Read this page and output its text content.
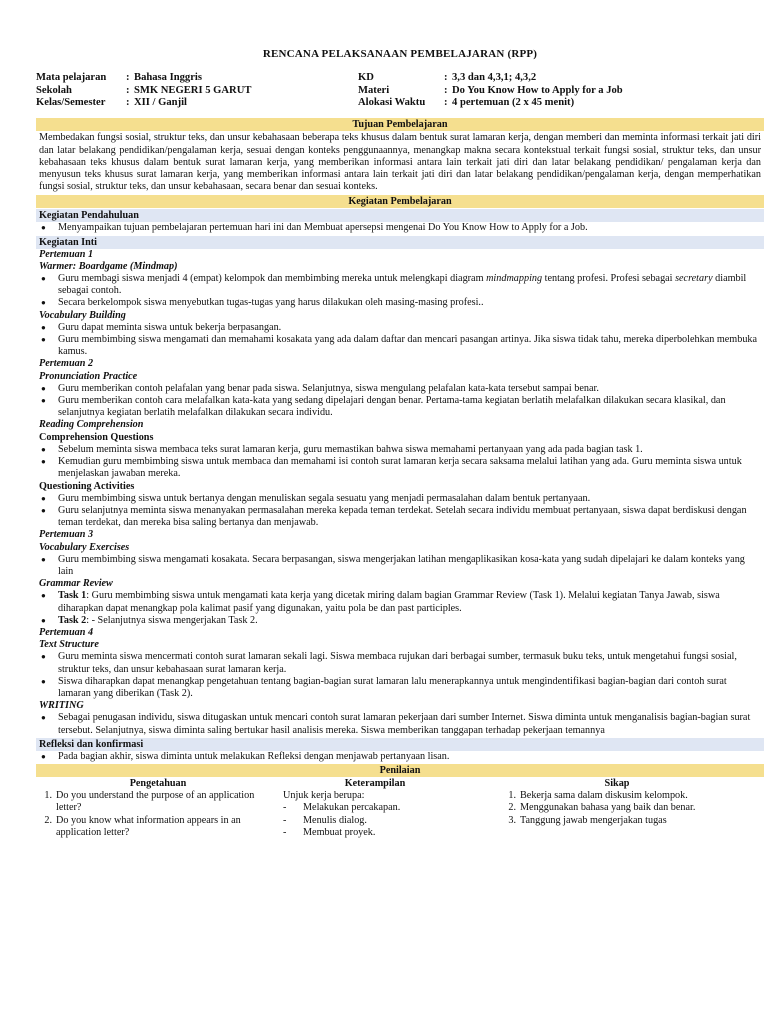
RENCANA PELAKSANAAN PEMBELAJARAN (RPP)
Mata pelajaran	: Bahasa Inggris
Sekolah	: SMK NEGERI 5 GARUT
Kelas/Semester	: XII / Ganjil
KD	: 3,3 dan 4,3,1; 4,3,2
Materi	: Do You Know How to Apply for a Job
Alokasi Waktu	: 4 pertemuan (2 x 45 menit)
Tujuan Pembelajaran
Membedakan fungsi sosial, struktur teks, dan unsur kebahasaan beberapa teks khusus dalam bentuk surat lamaran kerja, dengan memberi dan meminta informasi terkait jati diri dan latar belakang pendidikan/pengalaman kerja, sesuai dengan konteks penggunaannya, menangkap makna secara kontekstual terkait fungsi sosial, struktur teks, dan unsur kebahasaan teks khusus dalam bentuk surat lamaran kerja, yang memberikan informasi antara lain terkait jati diri dan latar belakang pendidikan/ pengalaman kerja dan menyusun teks khusus surat lamaran kerja, yang memberikan informasi antara lain terkait jati diri dan latar belakang pendidikan/pengalaman kerja, dengan memperhatikan fungsi sosial, struktur teks, dan unsur kebahasaan, secara benar dan sesuai konteks.
Kegiatan Pembelajaran
Kegiatan Pendahuluan
● Menyampaikan tujuan pembelajaran pertemuan hari ini dan Membuat apersepsi mengenai Do You Know How to Apply for a Job.
Kegiatan Inti
Pertemuan 1
Warmer: Boardgame (Mindmap)
● Guru membagi siswa menjadi 4 (empat) kelompok dan membimbing mereka untuk melengkapi diagram mindmapping tentang profesi. Profesi sebagai secretary diambil sebagai contoh.
● Secara berkelompok siswa menyebutkan tugas-tugas yang harus dilakukan oleh masing-masing profesi..
Vocabulary Building
● Guru dapat meminta siswa untuk bekerja berpasangan.
● Guru membimbing siswa mengamati dan memahami kosakata yang ada dalam daftar dan mencari pasangan artinya. Jika siswa tidak tahu, mereka diperbolehkan membuka kamus.
Pertemuan 2
Pronunciation Practice
● Guru memberikan contoh pelafalan yang benar pada siswa. Selanjutnya, siswa mengulang pelafalan kata-kata tersebut sampai benar.
● Guru memberikan contoh cara melafalkan kata-kata yang sedang dipelajari dengan benar. Pertama-tama kegiatan berlatih melafalkan dilakukan secara klasikal, dan selanjutnya kegiatan berlatih melafalkan dilakukan secara individu.
Reading Comprehension
Comprehension Questions
● Sebelum meminta siswa membaca teks surat lamaran kerja, guru memastikan bahwa siswa memahami pertanyaan yang ada pada bagian task 1.
● Kemudian guru membimbing siswa untuk membaca dan memahami isi contoh surat lamaran kerja secara saksama melalui latihan yang ada. Guru meminta siswa untuk menjelaskan jawaban mereka.
Questioning Activities
● Guru membimbing siswa untuk bertanya dengan menuliskan segala sesuatu yang menjadi permasalahan dalam bentuk pertanyaan.
● Guru selanjutnya meminta siswa menanyakan permasalahan mereka kepada teman terdekat. Setelah secara individu membuat pertanyaan, siswa dapat berdiskusi dengan teman terdekat, dan mereka bisa saling bertanya dan menjawab.
Pertemuan 3
Vocabulary Exercises
● Guru membimbing siswa mengamati kosakata. Secara berpasangan, siswa mengerjakan latihan mengaplikasikan kosa-kata yang sudah dipelajari ke dalam konteks yang lain
Grammar Review
● Task 1: Guru membimbing siswa untuk mengamati kata kerja yang dicetak miring dalam bagian Grammar Review (Task 1). Melalui kegiatan Tanya Jawab, siswa diharapkan dapat menangkap pola kalimat pasif yang digunakan, yaitu pola be dan past participles.
● Task 2: - Selanjutnya siswa mengerjakan Task 2.
Pertemuan 4
Text Structure
● Guru meminta siswa mencermati contoh surat lamaran sekali lagi. Siswa membaca rujukan dari berbagai sumber, termasuk buku teks, untuk mengetahui fungsi sosial, struktur teks, dan unsur kebahasaan surat lamaran kerja.
● Siswa diharapkan dapat menangkap pengetahuan tentang bagian-bagian surat lamaran lalu menerapkannya untuk mengindentifikasi bagian-bagian dari contoh surat lamaran yang diberikan (Task 2).
WRITING
● Sebagai penugasan individu, siswa ditugaskan untuk mencari contoh surat lamaran pekerjaan dari sumber Internet. Siswa diminta untuk menganalisis bagian-bagian surat tersebut. Selanjutnya, siswa diminta saling bertukar hasil analisis mereka. Siswa memberikan tanggapan terhadap pekerjaan temannya
Refleksi dan konfirmasi
● Pada bagian akhir, siswa diminta untuk melakukan Refleksi dengan menjawab pertanyaan lisan.
Penilaian
Pengetahuan
1. Do you understand the purpose of an application letter?
2. Do you know what information appears in an application letter?
Keterampilan
Unjuk kerja berupa:
-	Melakukan percakapan.
-	Menulis dialog.
-	Membuat proyek.
Sikap
1. Bekerja sama dalam diskusim kelompok.
2. Menggunakan bahasa yang baik dan benar.
3. Tanggung jawab mengerjakan tugas
